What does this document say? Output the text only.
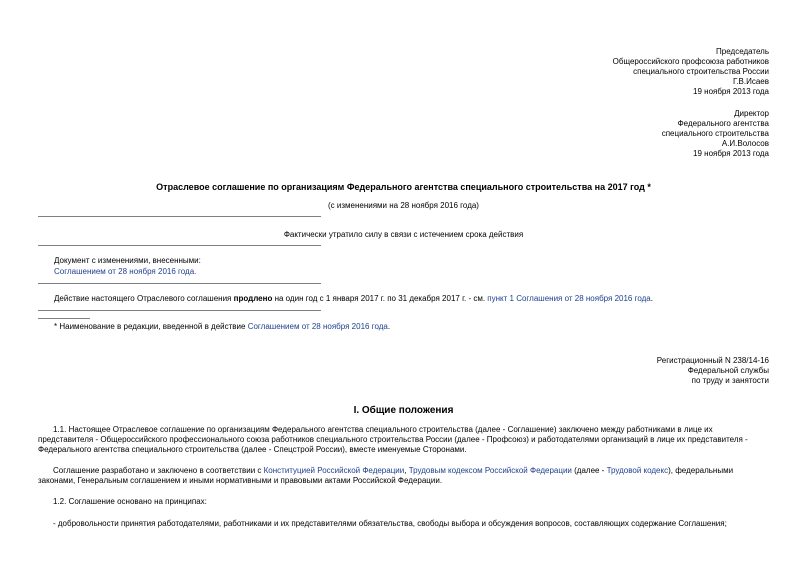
Председатель
Общероссийского профсоюза работников
специального строительства России
Г.В.Исаев
19 ноября 2013 года
Директор
Федерального агентства
специального строительства
А.И.Волосов
19 ноября 2013 года
Отраслевое соглашение по организациям Федерального агентства специального строительства на 2017 год *
(с изменениями на 28 ноября 2016 года)
Фактически утратило силу в связи с истечением срока действия
Документ с изменениями, внесенными:
Соглашением от 28 ноября 2016 года.
Действие настоящего Отраслевого соглашения продлено на один год с 1 января 2017 г. по 31 декабря 2017 г. - см. пункт 1 Соглашения от 28 ноября 2016 года.
* Наименование в редакции, введенной в действие Соглашением от 28 ноября 2016 года.
Регистрационный N 238/14-16
Федеральной службы
по труду и занятости
I. Общие положения
1.1. Настоящее Отраслевое соглашение по организациям Федерального агентства специального строительства (далее - Соглашение) заключено между работниками в лице их представителя - Общероссийского профессионального союза работников специального строительства России (далее - Профсоюз) и работодателями организаций в лице их представителя - Федерального агентства специального строительства (далее - Спецстрой России), вместе именуемые Сторонами.
Соглашение разработано и заключено в соответствии с Конституцией Российской Федерации, Трудовым кодексом Российской Федерации (далее - Трудовой кодекс), федеральными законами, Генеральным соглашением и иными нормативными и правовыми актами Российской Федерации.
1.2. Соглашение основано на принципах:
- добровольности принятия работодателями, работниками и их представителями обязательства, свободы выбора и обсуждения вопросов, составляющих содержание Соглашения;
